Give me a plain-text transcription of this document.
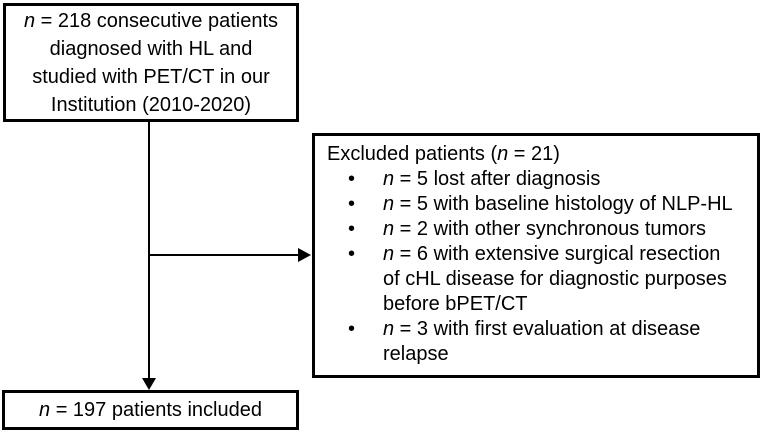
n = 218 consecutive patients
diagnosed with HL and
studied with PET/CT in our
Institution (2010-2020)
Excluded patients (n = 21)
•	n = 5 lost after diagnosis
•	n = 5 with baseline histology of NLP-HL
•	n = 2 with other synchronous tumors
•	n = 6 with extensive surgical resection
of cHL disease for diagnostic purposes
before bPET/CT
•	n = 3 with first evaluation at disease
relapse
n = 197 patients included
